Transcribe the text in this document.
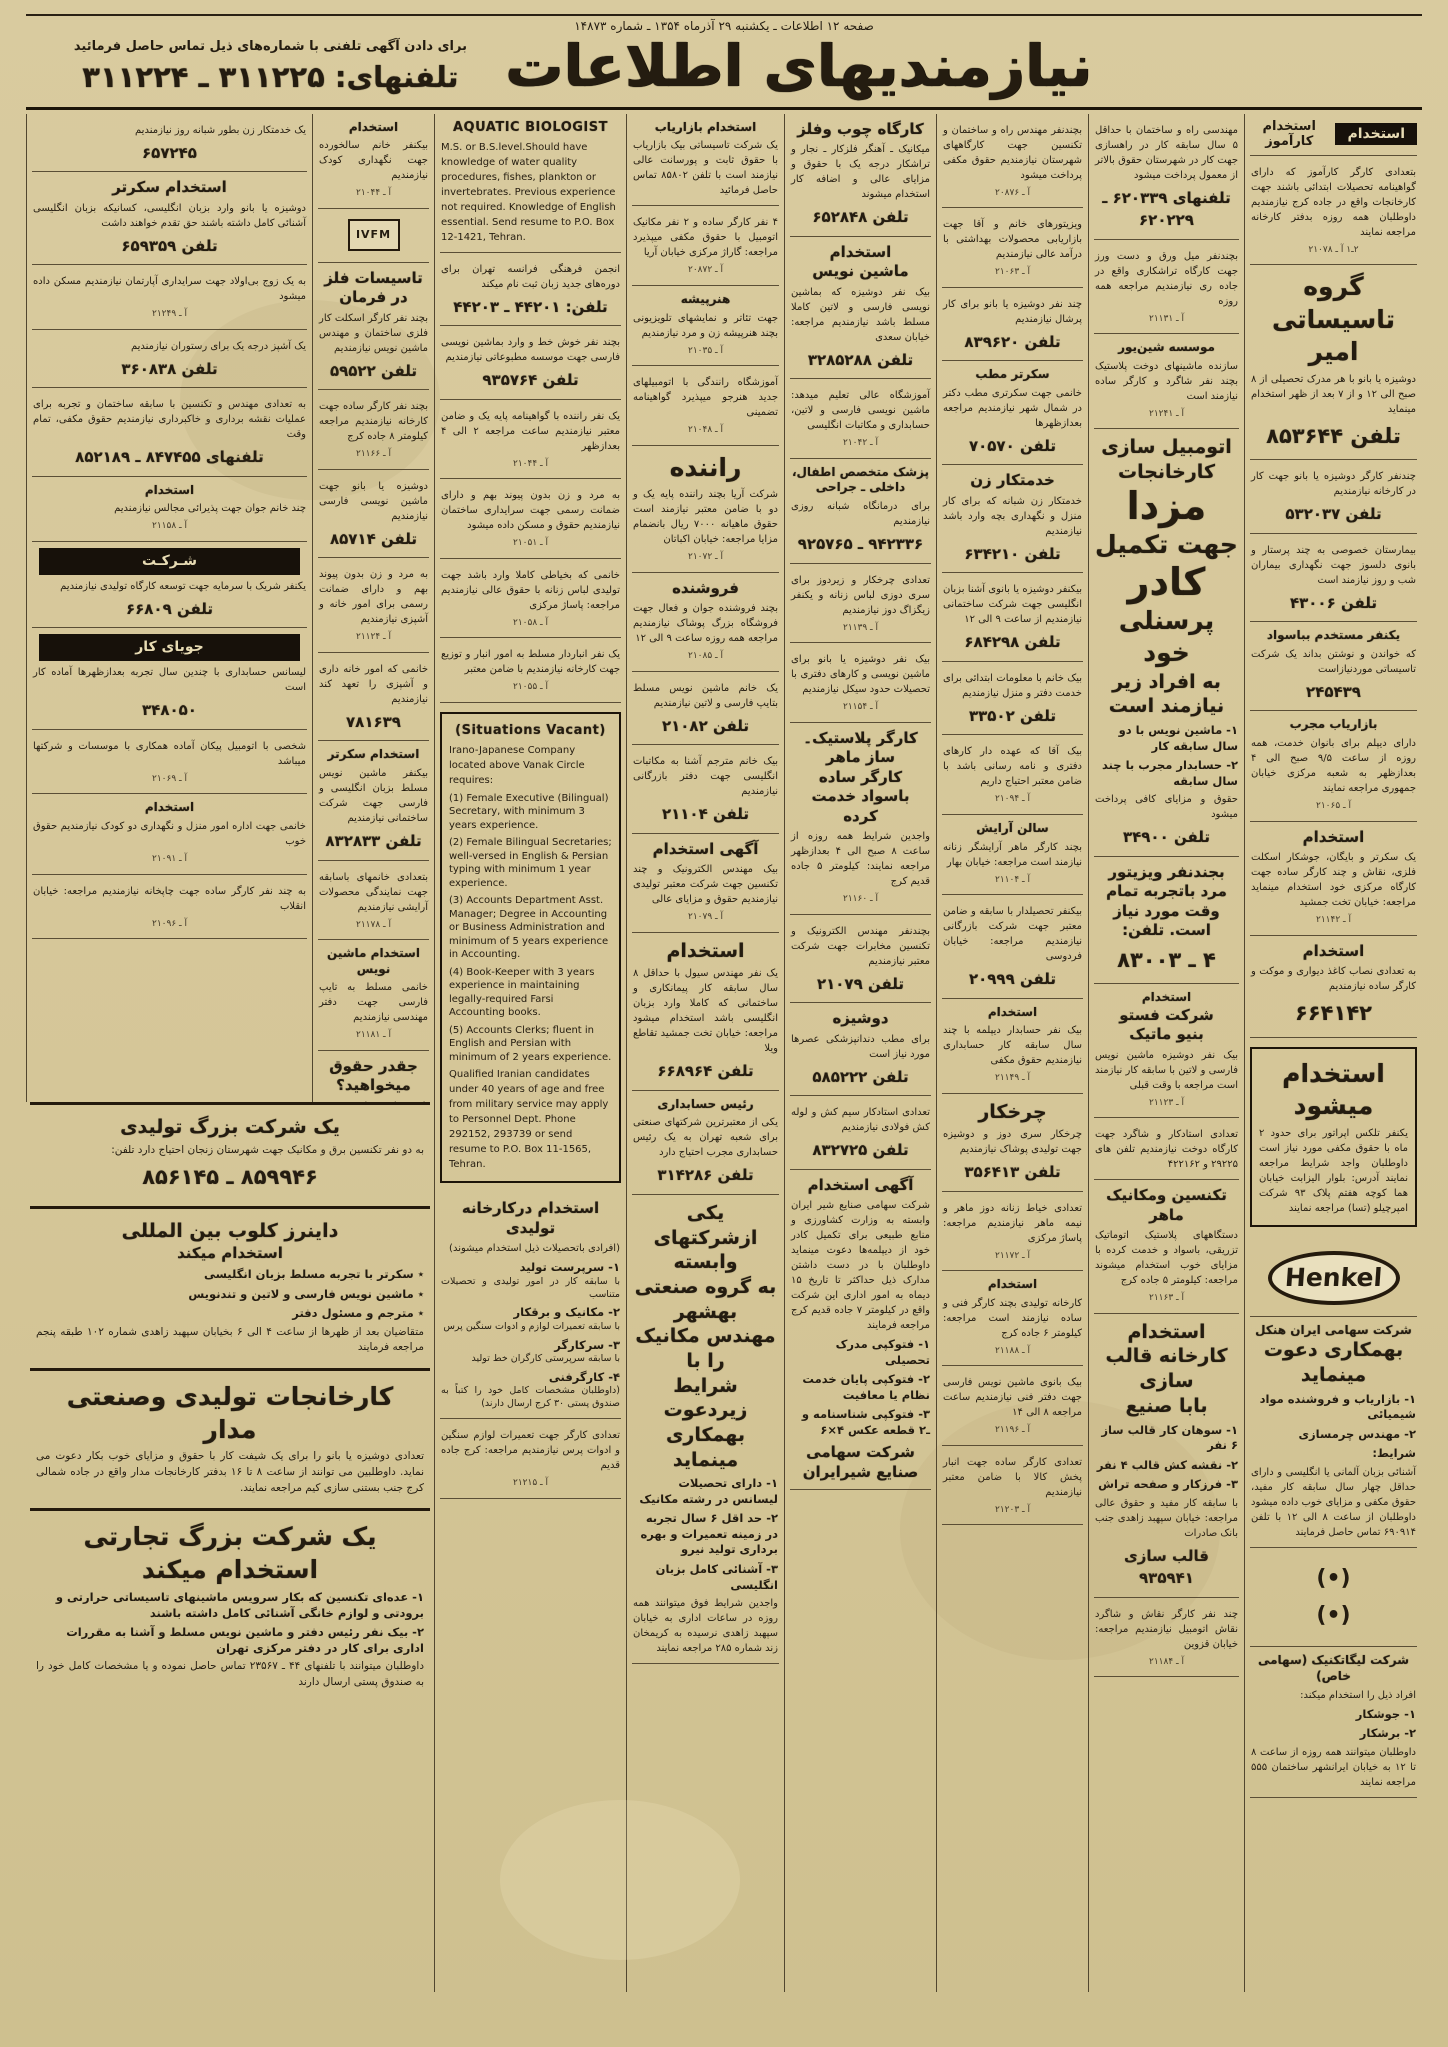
صفحه ۱۲ اطلاعات ـ یکشنبه ۲۹ آذرماه ۱۳۵۴ ـ شماره ۱۴۸۷۳
نیازمندیهای اطلاعات
برای دادن آگهی تلفنی با شماره‌های ذیل تماس حاصل فرمائید
تلفنهای: ۳۱۱۲۲۵ ـ ۳۱۱۲۲۴
استخدام
استخدام کارآموز
بتعدادی کارگر کارآموز که دارای گواهینامه تحصیلات ابتدائی باشند جهت کارخانجات واقع در جاده کرج نیازمندیم داوطلبان همه روزه بدفتر کارخانه مراجعه نمایند
۲ـ۱ آ ـ ۲۱۰۷۸
گروه
تاسیساتی
امیر
دوشیزه یا بانو با هر مدرک تحصیلی از ۸ صبح الی ۱۲ و از ۷ بعد از ظهر استخدام مینماید
تلفن ۸۵۳۶۴۴
چندنفر کارگر دوشیزه یا بانو جهت کار در کارخانه نیازمندیم
تلفن ۵۳۲۰۳۷
بیمارستان خصوصی به چند پرستار و بانوی دلسوز جهت نگهداری بیماران شب و روز نیازمند است
تلفن ۴۳۰۰۶
یکنفر مستخدم بباسواد
که خواندن و نوشتن بداند یک شرکت تاسیساتی موردنیازاست
۲۴۵۴۳۹
بازاریاب مجرب
دارای دیپلم برای بانوان خدمت، همه روزه از ساعت ۹/۵ صبح الی ۴ بعدازظهر به شعبه مرکزی خیابان جمهوری مراجعه نمایند
آ ـ ۲۱۰۶۵
استخدام
یک سکرتر و بایگان، جوشکار اسکلت فلزی، نقاش و چند کارگر ساده جهت کارگاه مرکزی خود استخدام مینماید مراجعه: خیابان تخت جمشید
آ ـ ۲۱۱۴۲
استخدام
به تعدادی نصاب کاغذ دیواری و موکت و کارگر ساده نیازمندیم
۶۶۴۱۴۲
استخدام
میشود
یکنفر تلکس اپراتور برای حدود ۲ ماه با حقوق مکفی مورد نیاز است داوطلبان واجد شرایط مراجعه نمایند آدرس: بلوار الیزابت خیابان هما کوچه هفتم پلاک ۹۳ شرکت امپرچیلو (تسا) مراجعه نمایند
Henkel
شرکت سهامی ایران هنکل
بهمکاری دعوت مینماید
۱- بازاریاب و فروشنده مواد شیمیائی
۲- مهندس چرمسازی
شرایط:
آشنائی بزبان آلمانی یا انگلیسی و دارای حداقل چهار سال سابقه کار مفید، حقوق مکفی و مزایای خوب داده میشود داوطلبان از ساعت ۸ الی ۱۲ با تلفن ۶۹۰۹۱۴ تماس حاصل فرمایند
(•)
(•)
شرکت لیگاتکنیک (سهامی خاص)
افراد ذیل را استخدام میکند:
۱- جوشکار
۲- برشکار
داوطلبان میتوانند همه روزه از ساعت ۸ تا ۱۲ به خیابان ایرانشهر ساختمان ۵۵۵ مراجعه نمایند
مهندسی راه و ساختمان با حداقل ۵ سال سابقه کار در راهسازی جهت کار در شهرستان حقوق بالاتر از معمول پرداخت میشود
تلفنهای ۶۲۰۳۳۹ ـ ۶۲۰۲۲۹
بچندنفر میل ورق و دست ورز جهت کارگاه تراشکاری واقع در جاده ری نیازمندیم مراجعه همه روزه
آ ـ ۲۱۱۳۱
موسسه شین‌یور
سازنده ماشینهای دوخت پلاستیک بچند نفر شاگرد و کارگر ساده نیازمند است
آ ـ ۲۱۲۴۱
اتومبیل سازی
کارخانجات
مزدا
جهت تکمیل
کادر
پرسنلی خود
به افراد زیر
نیازمند است
۱- ماشین نویس با دو سال سابقه کار
۲- حسابدار مجرب با چند سال سابقه
حقوق و مزایای کافی پرداخت میشود
تلفن ۳۴۹۰۰
بجندنفر ویزیتور
مرد باتجربه تمام
وقت مورد نیاز
است. تلفن:
۴ ـ ۸۳۰۰۳
استخدام
شرکت فستو
بنیو ماتیک
بیک نفر دوشیزه ماشین نویس فارسی و لاتین با سابقه کار نیازمند است مراجعه با وقت قبلی
آ ـ ۲۱۱۲۳
تعدادی استادکار و شاگرد جهت کارگاه دوخت نیازمندیم تلفن های ۲۹۲۲۵ و ۴۲۲۱۶۲
تکنسین ومکانیک
ماهر
دستگاههای پلاستیک اتوماتیک تزریقی، باسواد و خدمت کرده با مزایای خوب استخدام میشوند مراجعه: کیلومتر ۵ جاده کرج
آ ـ ۲۱۱۶۳
استخدام
کارخانه قالب
سازی
بابا صنیع
۱- سوهان کار قالب ساز ۶ نفر
۲- نقشه کش قالب ۴ نفر
۳- فرزکار و صفحه تراش
با سابقه کار مفید و حقوق عالی مراجعه: خیابان سپهبد زاهدی جنب بانک صادرات
قالب سازی ۹۳۵۹۴۱
چند نفر کارگر نقاش و شاگرد نقاش اتومبیل نیازمندیم مراجعه: خیابان قزوین
آ ـ ۲۱۱۸۴
بچندنفر مهندس راه و ساختمان و تکنسین جهت کارگاههای شهرستان نیازمندیم حقوق مکفی پرداخت میشود
آ ـ ۲۰۸۷۶
ویزیتورهای خانم و آقا جهت بازاریابی محصولات بهداشتی با درآمد عالی نیازمندیم
آ ـ ۲۱۰۶۳
چند نفر دوشیزه یا بانو برای کار پرشال نیازمندیم
تلفن ۸۳۹۶۲۰
سکرتر مطب
خانمی جهت سکرتری مطب دکتر در شمال شهر نیازمندیم مراجعه بعدازظهرها
تلفن ۷۰۵۷۰
خدمتکار زن
خدمتکار زن شبانه که برای کار منزل و نگهداری بچه وارد باشد نیازمندیم
تلفن ۶۳۴۲۱۰
بیکنفر دوشیزه یا بانوی آشنا بزبان انگلیسی جهت شرکت ساختمانی نیازمندیم از ساعت ۹ الی ۱۲
تلفن ۶۸۴۲۹۸
بیک خانم با معلومات ابتدائی برای خدمت دفتر و منزل نیازمندیم
تلفن ۳۳۵۰۲
بیک آقا که عهده دار کارهای دفتری و نامه رسانی باشد با ضامن معتبر احتیاج داریم
آ ـ ۲۱۰۹۴
سالن آرایش
بچند کارگر ماهر آرایشگر زنانه نیازمند است مراجعه: خیابان بهار
آ ـ ۲۱۱۰۴
بیکنفر تحصیلدار با سابقه و ضامن معتبر جهت شرکت بازرگانی نیازمندیم مراجعه: خیابان فردوسی
تلفن ۲۰۹۹۹
استخدام
بیک نفر حسابدار دیپلمه با چند سال سابقه کار حسابداری نیازمندیم حقوق مکفی
آ ـ ۲۱۱۴۹
چرخکار
چرخکار سری دوز و دوشیزه جهت تولیدی پوشاک نیازمندیم
تلفن ۳۵۶۴۱۳
تعدادی خیاط زنانه دوز ماهر و نیمه ماهر نیازمندیم مراجعه: پاساژ مرکزی
آ ـ ۲۱۱۷۲
استخدام
کارخانه تولیدی بچند کارگر فنی و ساده نیازمند است مراجعه: کیلومتر ۶ جاده کرج
آ ـ ۲۱۱۸۸
بیک بانوی ماشین نویس فارسی جهت دفتر فنی نیازمندیم ساعت مراجعه ۸ الی ۱۴
آ ـ ۲۱۱۹۶
تعدادی کارگر ساده جهت انبار پخش کالا با ضامن معتبر نیازمندیم
آ ـ ۲۱۲۰۳
کارگاه چوب وفلز
میکانیک ـ آهنگر فلزکار ـ نجار و تراشکار درجه یک با حقوق و مزایای عالی و اضافه کار استخدام میشوند
تلفن ۶۵۲۸۴۸
استخدام
ماشین نویس
بیک نفر دوشیزه که بماشین نویسی فارسی و لاتین کاملا مسلط باشد نیازمندیم مراجعه: خیابان سعدی
تلفن ۳۲۸۵۲۸۸
آموزشگاه عالی تعلیم میدهد: ماشین نویسی فارسی و لاتین، حسابداری و مکاتبات انگلیسی
آ ـ ۲۱۰۴۲
پزشک متخصص اطفال،
داخلی ـ جراحی
برای درمانگاه شبانه روزی نیازمندیم
۹۴۲۳۳۶ ـ ۹۲۵۷۶۵
تعدادی چرخکار و زیردوز برای سری دوزی لباس زنانه و یکنفر زیگزاگ دوز نیازمندیم
آ ـ ۲۱۱۳۹
بیک نفر دوشیزه یا بانو برای ماشین نویسی و کارهای دفتری با تحصیلات حدود سیکل نیازمندیم
آ ـ ۲۱۱۵۴
کارگر پلاستیک۔
ساز ماهر
کارگر ساده
باسواد خدمت
کرده
واجدین شرایط همه روزه از ساعت ۸ صبح الی ۴ بعدازظهر مراجعه نمایند: کیلومتر ۵ جاده قدیم کرج
آ ـ ۲۱۱۶۰
بچندنفر مهندس الکترونیک و تکنسین مخابرات جهت شرکت معتبر نیازمندیم
تلفن ۲۱۰۷۹
دوشیزه
برای مطب دندانپزشکی عصرها مورد نیاز است
تلفن ۵۸۵۲۲۲
تعدادی استادکار سیم کش و لوله کش فولادی نیازمندیم
تلفن ۸۳۲۷۲۵
آگهی استخدام
شرکت سهامی صنایع شیر ایران وابسته به وزارت کشاورزی و منابع طبیعی برای تکمیل کادر خود از دیپلمه‌ها دعوت مینماید داوطلبان با در دست داشتن مدارک ذیل حداکثر تا تاریخ ۱۵ دیماه به امور اداری این شرکت واقع در کیلومتر ۷ جاده قدیم کرج مراجعه فرمایند
۱- فتوکپی مدرک تحصیلی
۲- فتوکپی پایان خدمت نظام یا معافیت
۳- فتوکپی شناسنامه و ـ۲ قطعه عکس ۴×۶
شرکت سهامی صنایع شیرایران
استخدام بازاریاب
یک شرکت تاسیساتی بیک بازاریاب با حقوق ثابت و پورسانت عالی نیازمند است با تلفن ۸۵۸۰۲ تماس حاصل فرمائید
۴ نفر کارگر ساده و ۲ نفر مکانیک اتومبیل با حقوق مکفی میپذیرد مراجعه: گاراژ مرکزی خیابان آریا
آ ـ ۲۰۸۷۲
هنرپیشه
جهت تئاتر و نمایشهای تلویزیونی بچند هنرپیشه زن و مرد نیازمندیم
آ ـ ۲۱۰۳۵
آموزشگاه رانندگی با اتومبیلهای جدید هنرجو میپذیرد گواهینامه تضمینی
آ ـ ۲۱۰۴۸
راننده
شرکت آریا بچند راننده پایه یک و دو با ضامن معتبر نیازمند است حقوق ماهیانه ۷۰۰۰ ریال بانضمام مزایا مراجعه: خیابان اکباتان
آ ـ ۲۱۰۷۲
فروشنده
بچند فروشنده جوان و فعال جهت فروشگاه بزرگ پوشاک نیازمندیم مراجعه همه روزه ساعت ۹ الی ۱۲
آ ـ ۲۱۰۸۵
یک خانم ماشین نویس مسلط بتایپ فارسی و لاتین نیازمندیم
تلفن ۲۱۰۸۲
بیک خانم مترجم آشنا به مکاتبات انگلیسی جهت دفتر بازرگانی نیازمندیم
تلفن ۲۱۱۰۴
آگهی استخدام
بیک مهندس الکترونیک و چند تکنسین جهت شرکت معتبر تولیدی نیازمندیم حقوق و مزایای عالی
آ ـ ۲۱۰۷۹
استخدام
یک نفر مهندس سیول با حداقل ۸ سال سابقه کار پیمانکاری و ساختمانی که کاملا وارد بزبان انگلیسی باشد استخدام میشود مراجعه: خیابان تخت جمشید تقاطع ویلا
تلفن ۶۶۸۹۶۴
رئیس حسابداری
یکی از معتبرترین شرکتهای صنعتی برای شعبه تهران به یک رئیس حسابداری مجرب احتیاج دارد
تلفن ۳۱۴۲۸۶
یکی ازشرکتهای وابسته
به گروه صنعتی بهشهر
مهندس مکانیک را با
شرایط زیردعوت
بهمکاری مینماید
۱- دارای تحصیلات لیسانس در رشته مکانیک
۲- حد اقل ۶ سال تجربه در زمینه تعمیرات و بهره برداری تولید نیرو
۳- آشنائی کامل بزبان انگلیسی
واجدین شرایط فوق میتوانند همه روزه در ساعات اداری به خیابان سپهبد زاهدی نرسیده به کریمخان زند شماره ۲۸۵ مراجعه نمایند
AQUATIC BIOLOGIST
M.S. or B.S.level.Should have knowledge of water quality procedures, fishes, plankton or invertebrates. Previous experience not required. Knowledge of English essential. Send resume to P.O. Box 12-1421, Tehran.
انجمن فرهنگی فرانسه تهران برای دوره‌های جدید زبان ثبت نام میکند
تلفن: ۴۴۲۰۱ ـ ۴۴۲۰۳
بچند نفر خوش خط و وارد بماشین نویسی فارسی جهت موسسه مطبوعاتی نیازمندیم
تلفن ۹۳۵۷۶۴
یک نفر راننده با گواهینامه پایه یک و ضامن معتبر نیازمندیم ساعت مراجعه ۲ الی ۴ بعدازظهر
آ ـ ۲۱۰۴۴
به مرد و زن بدون پیوند بهم و دارای ضمانت رسمی جهت سرایداری ساختمان نیازمندیم حقوق و مسکن داده میشود
آ ـ ۲۱۰۵۱
خانمی که بخیاطی کاملا وارد باشد جهت تولیدی لباس زنانه با حقوق عالی نیازمندیم مراجعه: پاساژ مرکزی
آ ـ ۲۱۰۵۸
یک نفر انباردار مسلط به امور انبار و توزیع جهت کارخانه نیازمندیم با ضامن معتبر
آ ـ ۲۱۰۵۵
(Situations Vacant)
Irano-Japanese Company located above Vanak Circle requires:
(1) Female Executive (Bilingual) Secretary, with minimum 3 years experience.
(2) Female Bilingual Secretaries; well-versed in English & Persian typing with minimum 1 year experience.
(3) Accounts Department Asst. Manager; Degree in Accounting or Business Administration and minimum of 5 years experience in Accounting.
(4) Book-Keeper with 3 years experience in maintaining legally-required Farsi Accounting books.
(5) Accounts Clerks; fluent in English and Persian with minimum of 2 years experience.
Qualified Iranian candidates under 40 years of age and free from military service may apply to Personnel Dept. Phone 292152, 293739 or send resume to P.O. Box 11-1565, Tehran.
استخدام درکارخانه تولیدی
(افرادی باتحصیلات ذیل استخدام میشوند)
۱- سرپرست تولید
با سابقه کار در امور تولیدی و تحصیلات متناسب
۲- مکانیک و برقکار
با سابقه تعمیرات لوازم و ادوات سنگین پرس
۳- سرکارگر
با سابقه سرپرستی کارگران خط تولید
۴- کارگرفنی
(داوطلبان مشخصات کامل خود را کتباً به صندوق پستی ۳۰ کرج ارسال دارند)
تعدادی کارگر جهت تعمیرات لوازم سنگین و ادوات پرس نیازمندیم مراجعه: کرج جاده قدیم
آ ـ ۲۱۲۱۵
استخدام
بیکنفر خانم سالخورده جهت نگهداری کودک نیازمندیم
آ ـ ۲۱۰۴۴
IVFM
تاسیسات فلز
در فرمان
بچند نفر کارگر اسکلت کار فلزی ساختمان و مهندس ماشین نویس نیازمندیم
تلفن ۵۹۵۲۲
بچند نفر کارگر ساده جهت کارخانه نیازمندیم مراجعه کیلومتر ۸ جاده کرج
آ ـ ۲۱۱۶۶
دوشیزه یا بانو جهت ماشین نویسی فارسی نیازمندیم
تلفن ۸۵۷۱۴
به مرد و زن بدون پیوند بهم و دارای ضمانت رسمی برای امور خانه و آشپزی نیازمندیم
آ ـ ۲۱۱۲۴
خانمی که امور خانه داری و آشپزی را تعهد کند نیازمندیم
۷۸۱۶۳۹
استخدام سکرتر
بیکنفر ماشین نویس مسلط بزبان انگلیسی و فارسی جهت شرکت ساختمانی نیازمندیم
تلفن ۸۳۲۸۳۳
بتعدادی خانمهای باسابقه جهت نمایندگی محصولات آرایشی نیازمندیم
آ ـ ۲۱۱۷۸
استخدام ماشین نویس
خانمی مسلط به تایپ فارسی جهت دفتر مهندسی نیازمندیم
آ ـ ۲۱۱۸۱
جقدر حقوق
میخواهید؟
یک خدمتکار زن بطور شبانه روز نیازمندیم
۶۵۷۲۴۵
استخدام سکرتر
دوشیزه یا بانو وارد بزبان انگلیسی، کسانیکه بزبان انگلیسی آشنائی کامل داشته باشند حق تقدم خواهند داشت
تلفن ۶۵۹۳۵۹
به یک زوج بی‌اولاد جهت سرایداری آپارتمان نیازمندیم مسکن داده میشود
آ ـ ۲۱۲۴۹
یک آشپز درجه یک برای رستوران نیازمندیم
تلفن ۳۶۰۸۳۸
به تعدادی مهندس و تکنسین با سابقه ساختمان و تجربه برای عملیات نقشه برداری و خاکبرداری نیازمندیم حقوق مکفی، تمام وقت
تلفنهای ۸۴۷۴۵۵ ـ ۸۵۲۱۸۹
استخدام
چند خانم جوان جهت پذیرائی مجالس نیازمندیم
آ ـ ۲۱۱۵۸
شـرکـت
یکنفر شریک با سرمایه جهت توسعه کارگاه تولیدی نیازمندیم
تلفن ۶۶۸۰۹
جویای کار
لیسانس حسابداری با چندین سال تجربه بعدازظهرها آماده کار است
۳۴۸۰۵۰
شخصی با اتومبیل پیکان آماده همکاری با موسسات و شرکتها میباشد
آ ـ ۲۱۰۶۹
استخدام
خانمی جهت اداره امور منزل و نگهداری دو کودک نیازمندیم حقوق خوب
آ ـ ۲۱۰۹۱
به چند نفر کارگر ساده جهت چاپخانه نیازمندیم مراجعه: خیابان انقلاب
آ ـ ۲۱۰۹۶
یک شرکت بزرگ تولیدی
به دو نفر تکنسین برق و مکانیک جهت شهرستان زنجان احتیاج دارد تلفن:
۸۵۹۹۴۶ ـ ۸۵۶۱۴۵
داینرز کلوب بین المللی
استخدام میکند
٭ سکرتر با تجربه مسلط بزبان انگلیسی
٭ ماشین نویس فارسی و لاتین و تندنویس
٭ مترجم و مسئول دفتر
متقاضیان بعد از ظهرها از ساعت ۴ الی ۶ بخیابان سپهبد زاهدی شماره ۱۰۲ طبقه پنجم مراجعه فرمایند
کارخانجات تولیدی وصنعتی مدار
تعدادی دوشیزه یا بانو را برای یک شیفت کار با حقوق و مزایای خوب بکار دعوت می نماید. داوطلبین می توانند از ساعت ۸ تا ۱۶ بدفتر کارخانجات مدار واقع در جاده شمالی کرج جنب بستنی سازی کیم مراجعه نمایند.
یک شرکت بزرگ تجارتی
استخدام میکند
۱- عده‌ای تکنسین که بکار سرویس ماشینهای تاسیساتی حرارتی و برودتی و لوازم خانگی آشنائی کامل داشته باشند
۲- بیک نفر رئیس دفتر و ماشین نویس مسلط و آشنا به مقررات اداری برای کار در دفتر مرکزی تهران
داوطلبان میتوانند با تلفنهای ۴۴ ـ ۲۳۵۶۷ تماس حاصل نموده و یا مشخصات کامل خود را به صندوق پستی ارسال دارند
